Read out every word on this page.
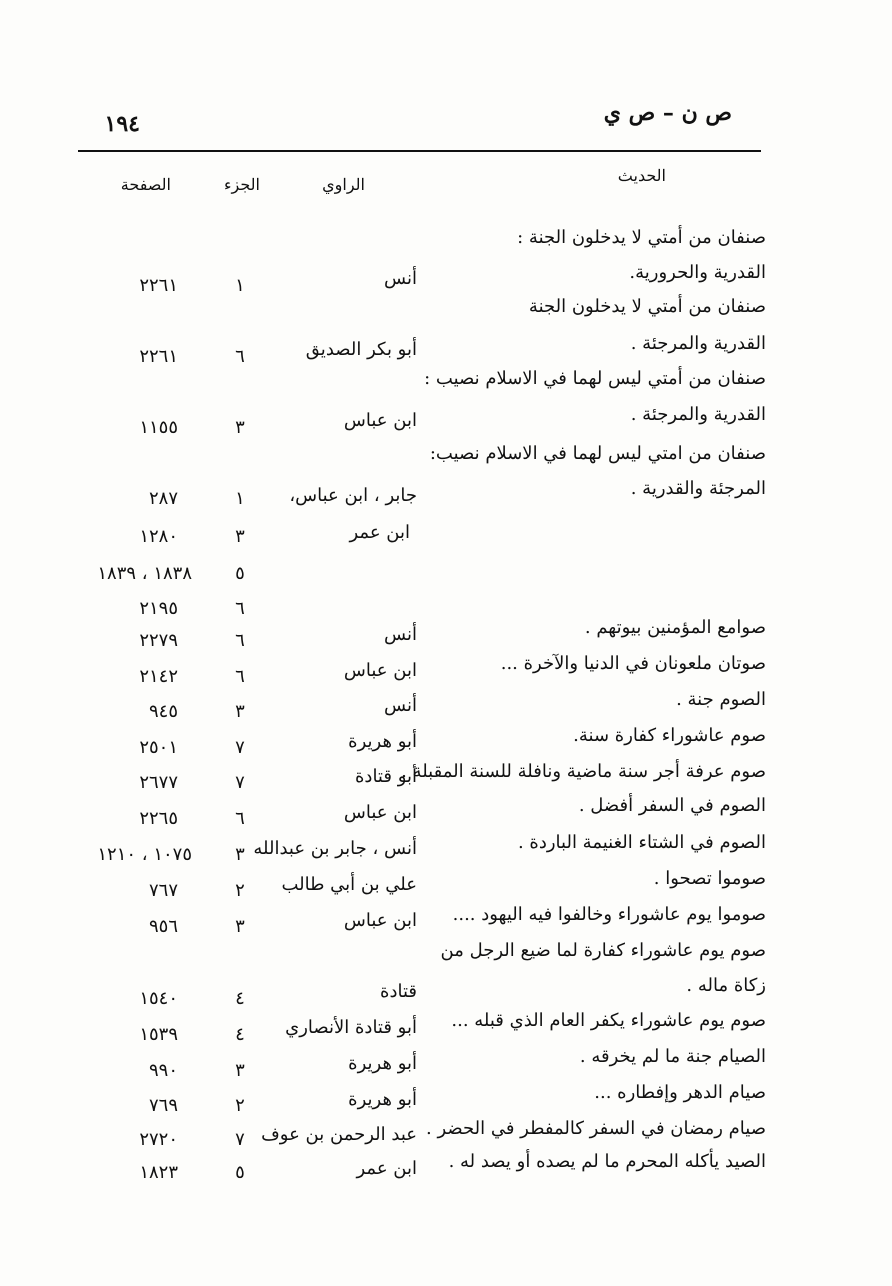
ص ن – ص ي
١٩٤
الحديث
الراوي
الجزء
الصفحة
صنفان من أمتي لا يدخلون الجنة :
القدرية والحرورية.
صنفان من أمتي لا يدخلون الجنة
القدرية والمرجئة .
صنفان من أمتي ليس لهما في الاسلام نصيب :
القدرية والمرجئة .
صنفان من امتي ليس لهما في الاسلام نصيب:
المرجئة والقدرية .
صوامع المؤمنين بيوتهم .
صوتان ملعونان في الدنيا والآخرة ...
الصوم جنة .
صوم عاشوراء كفارة سنة.
صوم عرفة أجر سنة ماضية ونافلة للسنة المقبلة .
الصوم في السفر أفضل .
الصوم في الشتاء الغنيمة الباردة .
صوموا تصحوا .
صوموا يوم عاشوراء وخالفوا فيه اليهود ....
صوم يوم عاشوراء كفارة لما ضيع الرجل من
زكاة ماله .
صوم يوم عاشوراء يكفر العام الذي قبله ...
الصيام جنة ما لم يخرقه .
صيام الدهر وإفطاره ...
صيام رمضان في السفر كالمفطر في الحضر .
الصيد يأكله المحرم ما لم يصده أو يصد له .
أنس
١
٢٢٦١
أبو بكر الصديق
٦
٢٢٦١
ابن عباس
٣
١١٥٥
جابر ، ابن عباس،
١
٢٨٧
ابن عمر
٣
١٢٨٠
٥
١٨٣٨ ، ١٨٣٩
٦
٢١٩٥
أنس
٦
٢٢٧٩
ابن عباس
٦
٢١٤٢
أنس
٣
٩٤٥
أبو هريرة
٧
٢٥٠١
أبو قتادة
٧
٢٦٧٧
ابن عباس
٦
٢٢٦٥
أنس ، جابر بن عبدالله
٣
١٠٧٥ ، ١٢١٠
علي بن أبي طالب
٢
٧٦٧
ابن عباس
٣
٩٥٦
قتادة
٤
١٥٤٠
أبو قتادة الأنصاري
٤
١٥٣٩
أبو هريرة
٣
٩٩٠
أبو هريرة
٢
٧٦٩
عبد الرحمن بن عوف
٧
٢٧٢٠
ابن عمر
٥
١٨٢٣
